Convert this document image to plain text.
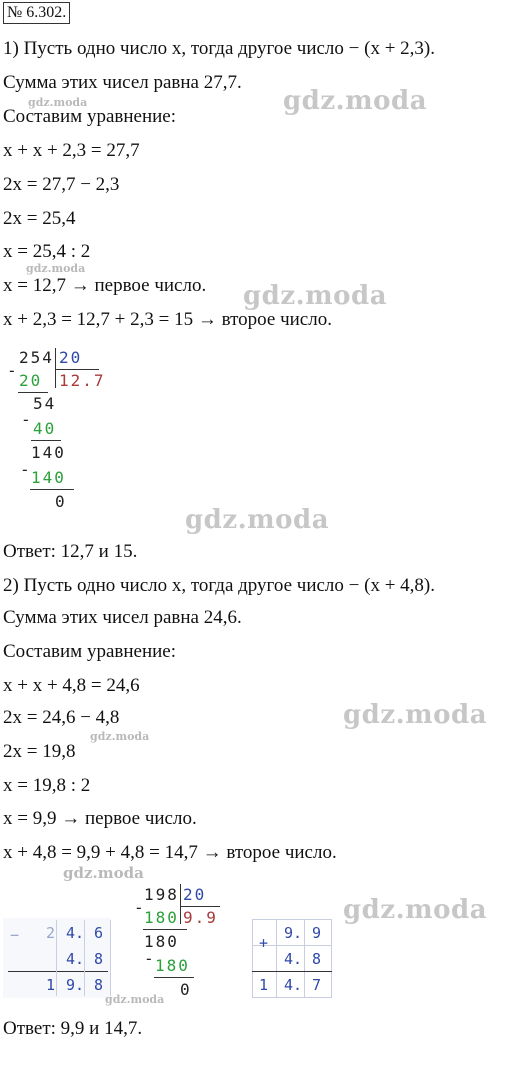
№ 6.302.
1) Пусть одно число x, тогда другое число − (x + 2,3).
Сумма этих чисел равна 27,7.
Составим уравнение:
x + x + 2,3 = 27,7
2x = 27,7 − 2,3
2x = 25,4
x = 25,4 : 2
x = 12,7 → первое число.
x + 2,3 = 12,7 + 2,3 = 15 → второе число.
-
254 20
12.7
20
54
- 40
140
- 140
0
Ответ: 12,7 и 15.
2) Пусть одно число x, тогда другое число − (x + 4,8).
Сумма этих чисел равна 24,6.
Составим уравнение:
x + x + 4,8 = 24,6
2x = 24,6 − 4,8
2x = 19,8
x = 19,8 : 2
x = 9,9 → первое число.
x + 4,8 = 9,9 + 4,8 = 14,7 → второе число.
-
198 20
9.9
180
180
- 180
0
− 2 4. 6
4. 8
1 9. 8
+
9. 9
4. 8
1 4. 7
Ответ: 9,9 и 14,7.
gdz.moda
gdz.moda
gdz.moda
gdz.moda
gdz.moda
gdz.moda
gdz.moda
gdz.moda
gdz.moda
gdz.moda
